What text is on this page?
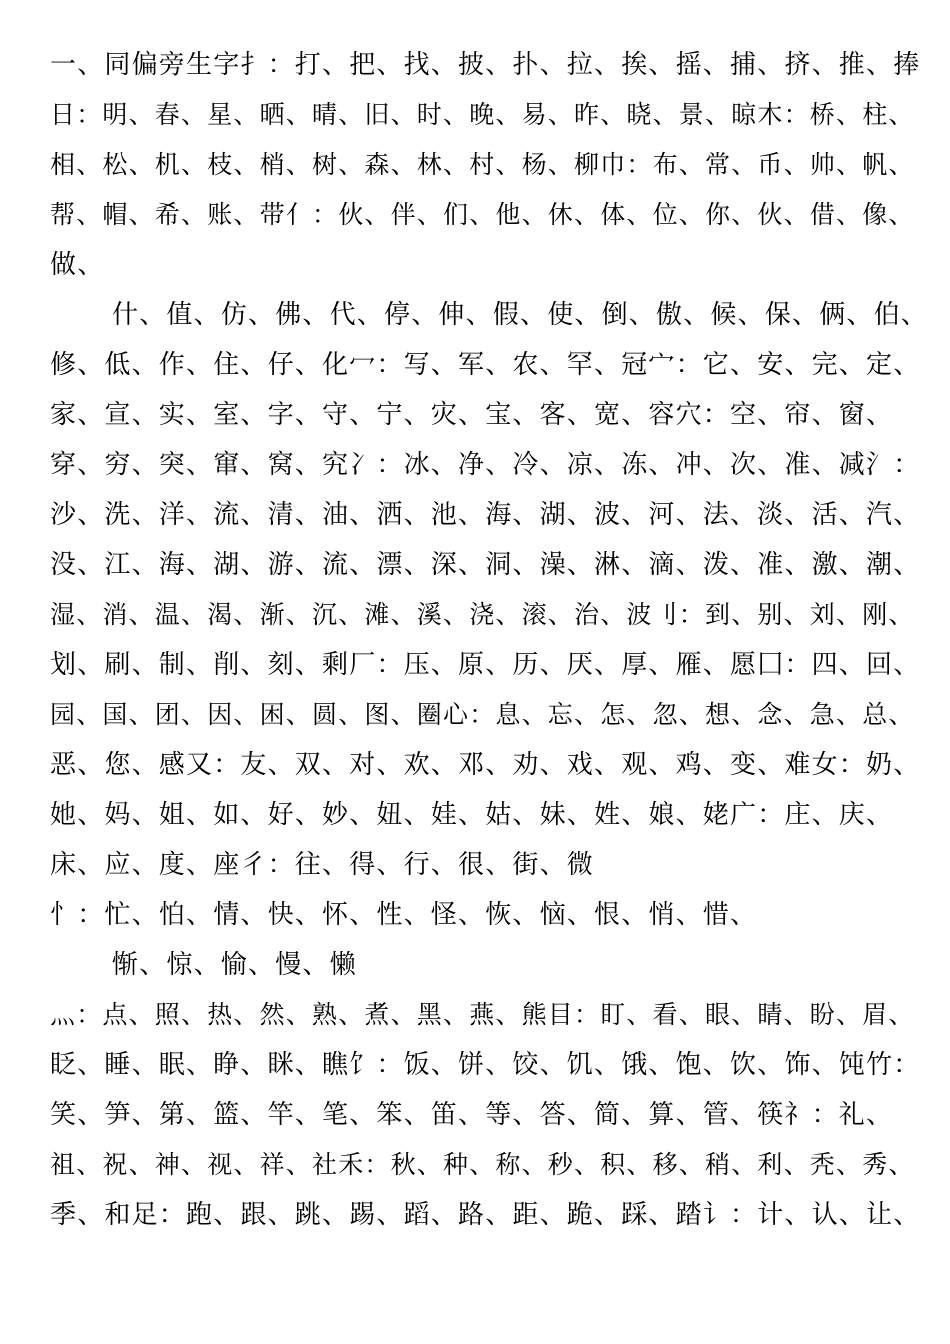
一、同偏旁生字扌：打、把、找、披、扑、拉、挨、摇、捕、挤、推、捧
日：明、春、星、晒、晴、旧、时、晚、易、昨、晓、景、晾木：桥、柱、
相、松、机、枝、梢、树、森、林、村、杨、柳巾：布、常、币、帅、帆、
帮、帽、希、账、带亻：伙、伴、们、他、休、体、位、你、伙、借、像、
做、
什、值、仿、佛、代、停、伸、假、使、倒、傲、候、保、俩、伯、
修、低、作、住、仔、化冖：写、军、农、罕、冠宀：它、安、完、定、
家、宣、实、室、字、守、宁、灾、宝、客、宽、容穴：空、帘、窗、
穿、穷、突、窜、窝、究冫：冰、净、冷、凉、冻、冲、次、准、减氵：
沙、洗、洋、流、清、油、洒、池、海、湖、波、河、法、淡、活、汽、
没、江、海、湖、游、流、漂、深、洞、澡、淋、滴、泼、准、激、潮、
湿、消、温、渴、渐、沉、滩、溪、浇、滚、治、波刂：到、别、刘、刚、
划、刷、制、削、刻、剩厂：压、原、历、厌、厚、雁、愿囗：四、回、
园、国、团、因、困、圆、图、圈心：息、忘、怎、忽、想、念、急、总、
恶、您、感又：友、双、对、欢、邓、劝、戏、观、鸡、变、难女：奶、
她、妈、姐、如、好、妙、妞、娃、姑、妹、姓、娘、姥广：庄、庆、
床、应、度、座彳：往、得、行、很、街、微
忄：忙、怕、情、快、怀、性、怪、恢、恼、恨、悄、惜、
惭、惊、愉、慢、懒
灬：点、照、热、然、熟、煮、黑、燕、熊目：盯、看、眼、睛、盼、眉、
眨、睡、眠、睁、眯、瞧饣：饭、饼、饺、饥、饿、饱、饮、饰、饨竹：
笑、笋、第、篮、竿、笔、笨、笛、等、答、简、算、管、筷礻：礼、
祖、祝、神、视、祥、社禾：秋、种、称、秒、积、移、稍、利、秃、秀、
季、和足：跑、跟、跳、踢、蹈、路、距、跪、踩、踏讠：计、认、让、
